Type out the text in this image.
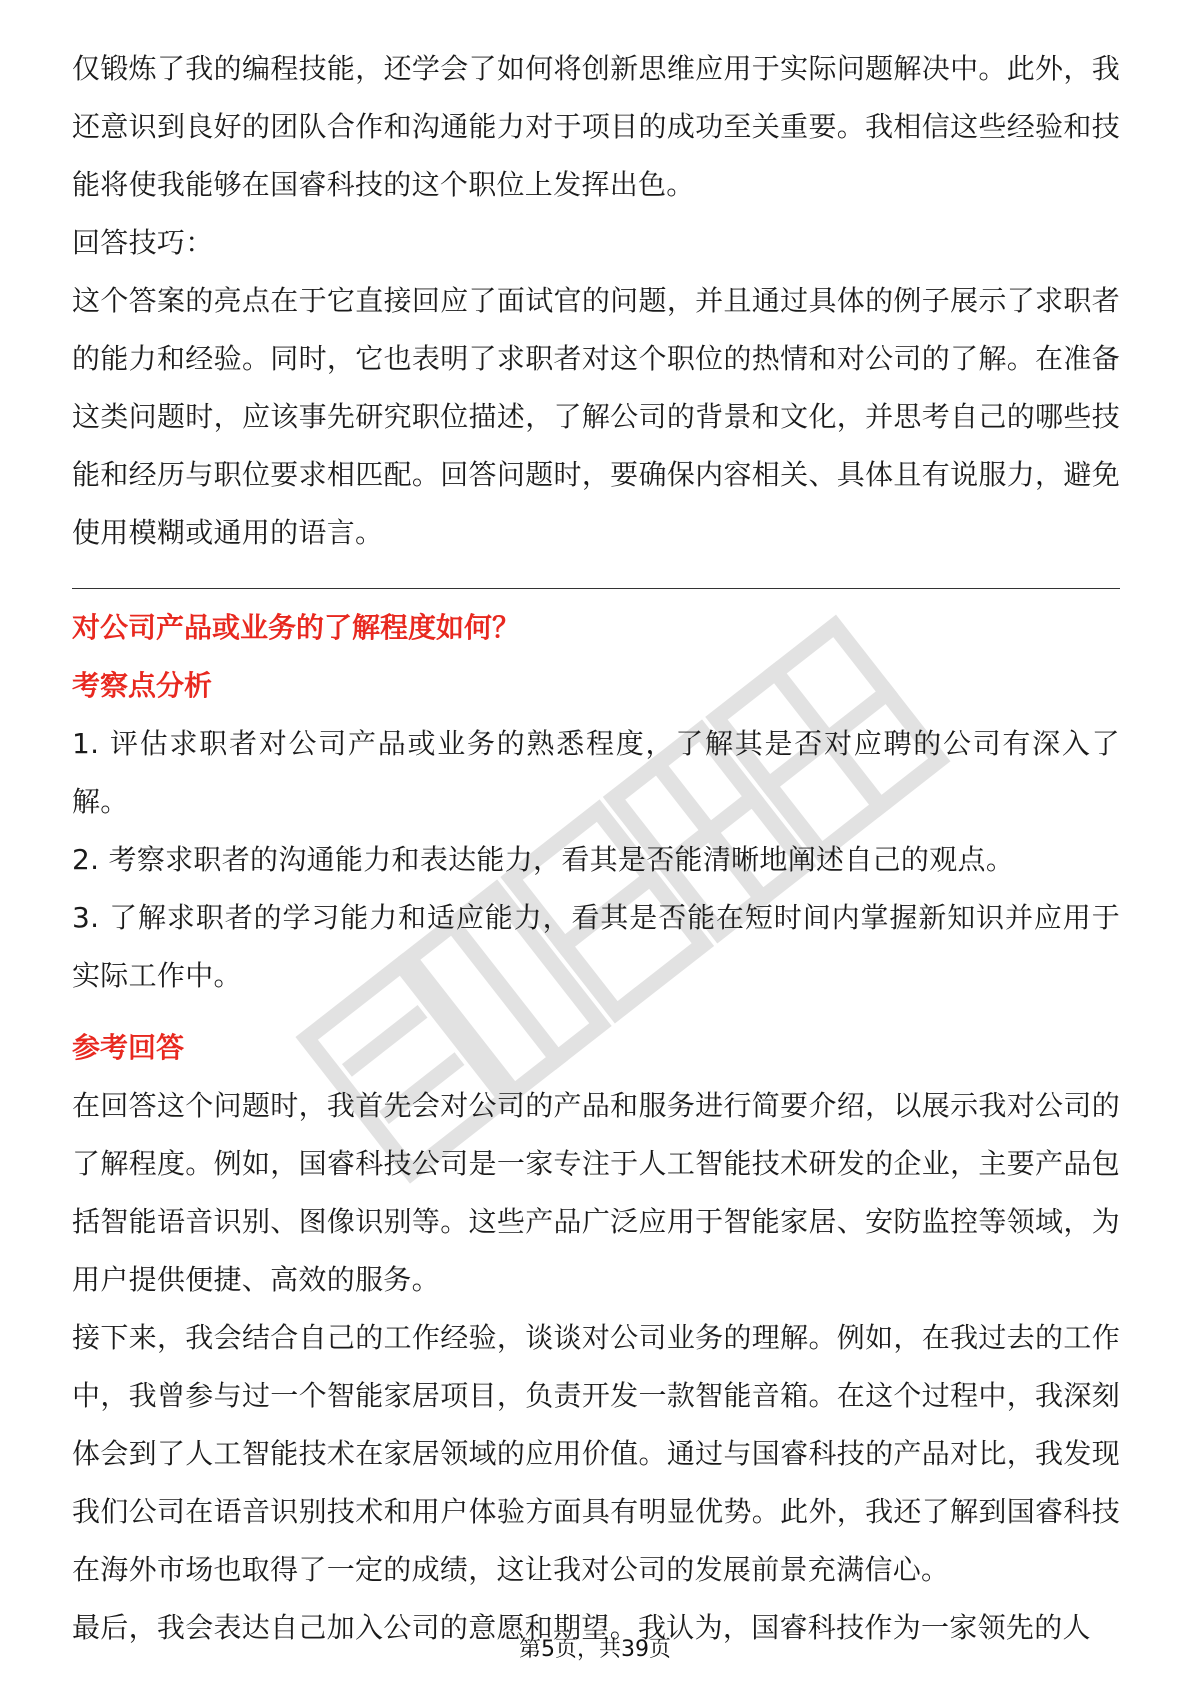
仅锻炼了我的编程技能，还学会了如何将创新思维应用于实际问题解决中。此外，我还意识到良好的团队合作和沟通能力对于项目的成功至关重要。我相信这些经验和技能将使我能够在国睿科技的这个职位上发挥出色。

回答技巧：

这个答案的亮点在于它直接回应了面试官的问题，并且通过具体的例子展示了求职者的能力和经验。同时，它也表明了求职者对这个职位的热情和对公司的了解。在准备这类问题时，应该事先研究职位描述，了解公司的背景和文化，并思考自己的哪些技能和经历与职位要求相匹配。回答问题时，要确保内容相关、具体且有说服力，避免使用模糊或通用的语言。

对公司产品或业务的了解程度如何？

考察点分析

1. 评估求职者对公司产品或业务的熟悉程度，了解其是否对应聘的公司有深入了解。

2. 考察求职者的沟通能力和表达能力，看其是否能清晰地阐述自己的观点。

3. 了解求职者的学习能力和适应能力，看其是否能在短时间内掌握新知识并应用于实际工作中。

参考回答

在回答这个问题时，我首先会对公司的产品和服务进行简要介绍，以展示我对公司的了解程度。例如，国睿科技公司是一家专注于人工智能技术研发的企业，主要产品包括智能语音识别、图像识别等。这些产品广泛应用于智能家居、安防监控等领域，为用户提供便捷、高效的服务。

接下来，我会结合自己的工作经验，谈谈对公司业务的理解。例如，在我过去的工作中，我曾参与过一个智能家居项目，负责开发一款智能音箱。在这个过程中，我深刻体会到了人工智能技术在家居领域的应用价值。通过与国睿科技的产品对比，我发现我们公司在语音识别技术和用户体验方面具有明显优势。此外，我还了解到国睿科技在海外市场也取得了一定的成绩，这让我对公司的发展前景充满信心。

最后，我会表达自己加入公司的意愿和期望。我认为，国睿科技作为一家领先的人

第5页，共39页
